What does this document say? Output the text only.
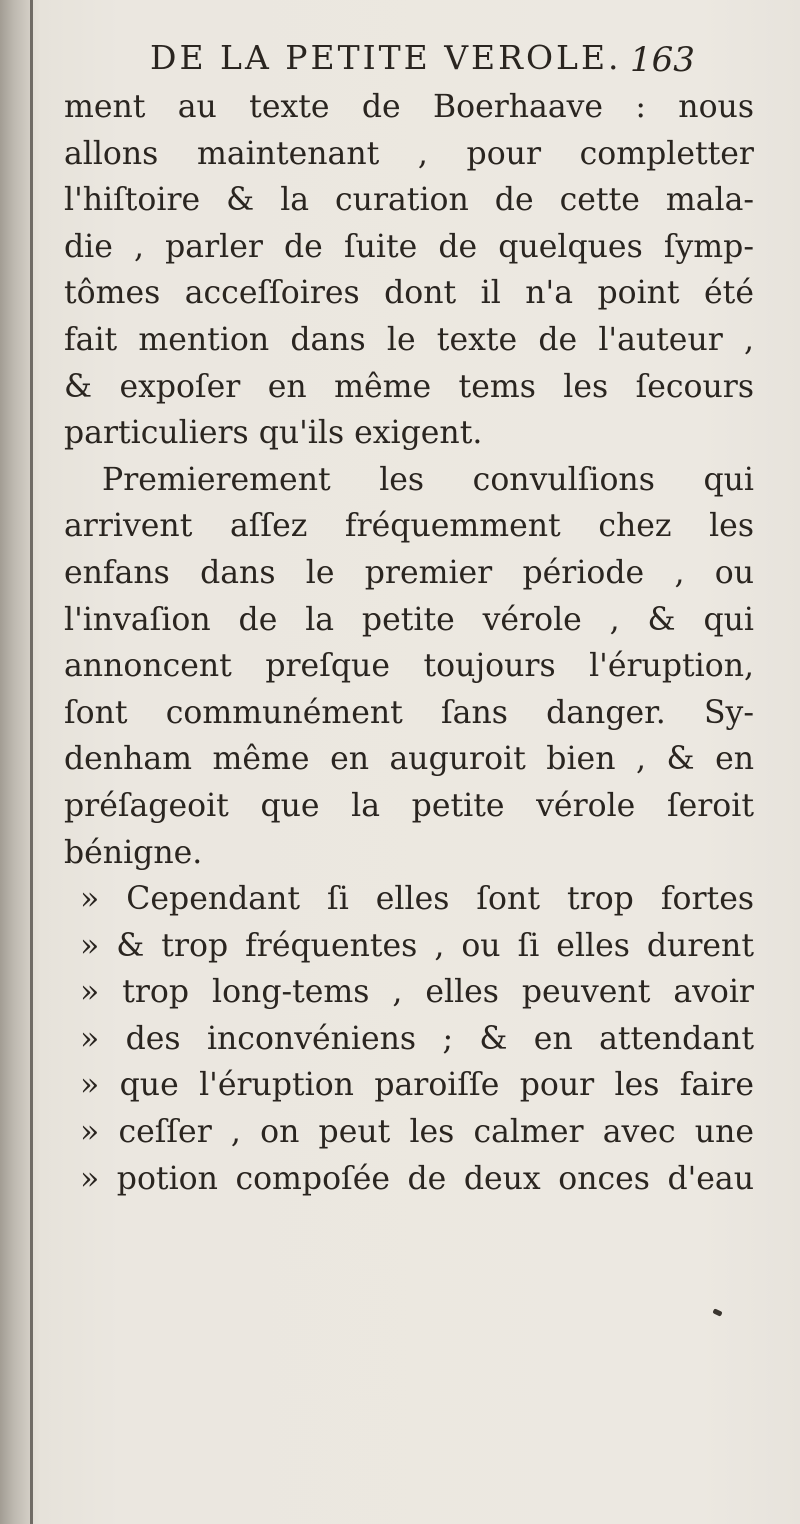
DE LA PETITE VEROLE. 163
ment au texte de Boerhaave : nous
allons maintenant , pour completter
l'hiſtoire & la curation de cette mala-
die , parler de ſuite de quelques ſymp-
tômes acceſſoires dont il n'a point été
fait mention dans le texte de l'auteur ,
& expoſer en même tems les ſecours
particuliers qu'ils exigent.
Premierement les convulſions qui
arrivent aſſez fréquemment chez les
enfans dans le premier période , ou
l'invaſion de la petite vérole , & qui
annoncent preſque toujours l'éruption,
ſont communément ſans danger. Sy-
denham même en auguroit bien , & en
préſageoit que la petite vérole ſeroit
bénigne.
» Cependant ſi elles ſont trop fortes
» & trop fréquentes , ou ſi elles durent
» trop long-tems , elles peuvent avoir
» des inconvéniens ; & en attendant
» que l'éruption paroiſſe pour les faire
» ceſſer , on peut les calmer avec une
» potion compoſée de deux onces d'eau
